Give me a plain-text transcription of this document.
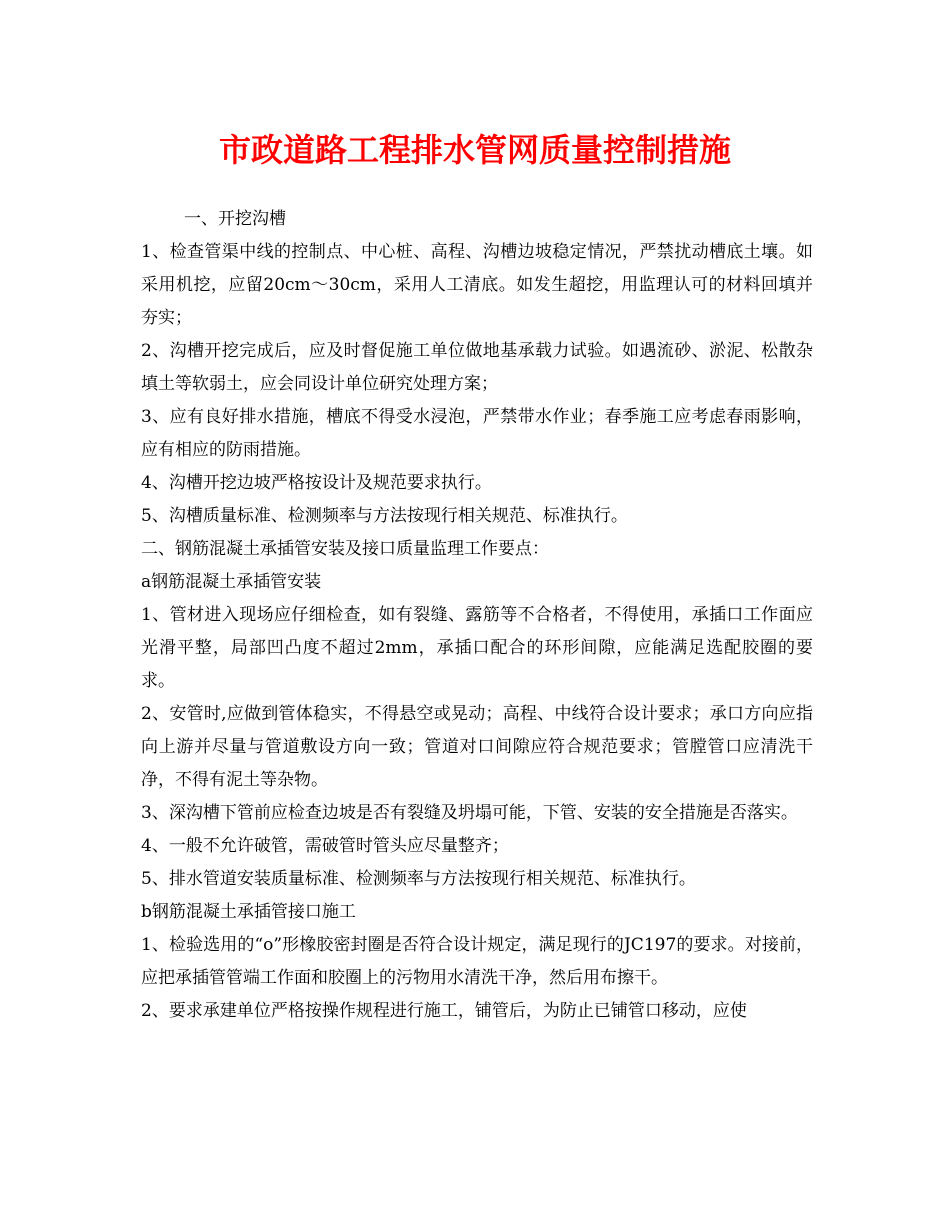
市政道路工程排水管网质量控制措施

一、开挖沟槽

1、检查管渠中线的控制点、中心桩、高程、沟槽边坡稳定情况，严禁扰动槽底土壤。如采用机挖，应留20cm～30cm，采用人工清底。如发生超挖，用监理认可的材料回填并夯实；

2、沟槽开挖完成后，应及时督促施工单位做地基承载力试验。如遇流砂、淤泥、松散杂填土等软弱土，应会同设计单位研究处理方案；

3、应有良好排水措施，槽底不得受水浸泡，严禁带水作业；春季施工应考虑春雨影响，应有相应的防雨措施。

4、沟槽开挖边坡严格按设计及规范要求执行。

5、沟槽质量标准、检测频率与方法按现行相关规范、标准执行。

二、钢筋混凝土承插管安装及接口质量监理工作要点：

a钢筋混凝土承插管安装

1、管材进入现场应仔细检查，如有裂缝、露筋等不合格者，不得使用，承插口工作面应光滑平整，局部凹凸度不超过2mm，承插口配合的环形间隙，应能满足选配胶圈的要求。

2、安管时,应做到管体稳实，不得悬空或晃动；高程、中线符合设计要求；承口方向应指向上游并尽量与管道敷设方向一致；管道对口间隙应符合规范要求；管膛管口应清洗干净，不得有泥土等杂物。

3、深沟槽下管前应检查边坡是否有裂缝及坍塌可能，下管、安装的安全措施是否落实。

4、一般不允许破管，需破管时管头应尽量整齐；

5、排水管道安装质量标准、检测频率与方法按现行相关规范、标准执行。

b钢筋混凝土承插管接口施工

1、检验选用的“o”形橡胶密封圈是否符合设计规定，满足现行的JC197的要求。对接前，应把承插管管端工作面和胶圈上的污物用水清洗干净，然后用布擦干。

2、要求承建单位严格按操作规程进行施工，铺管后，为防止已铺管口移动，应使
